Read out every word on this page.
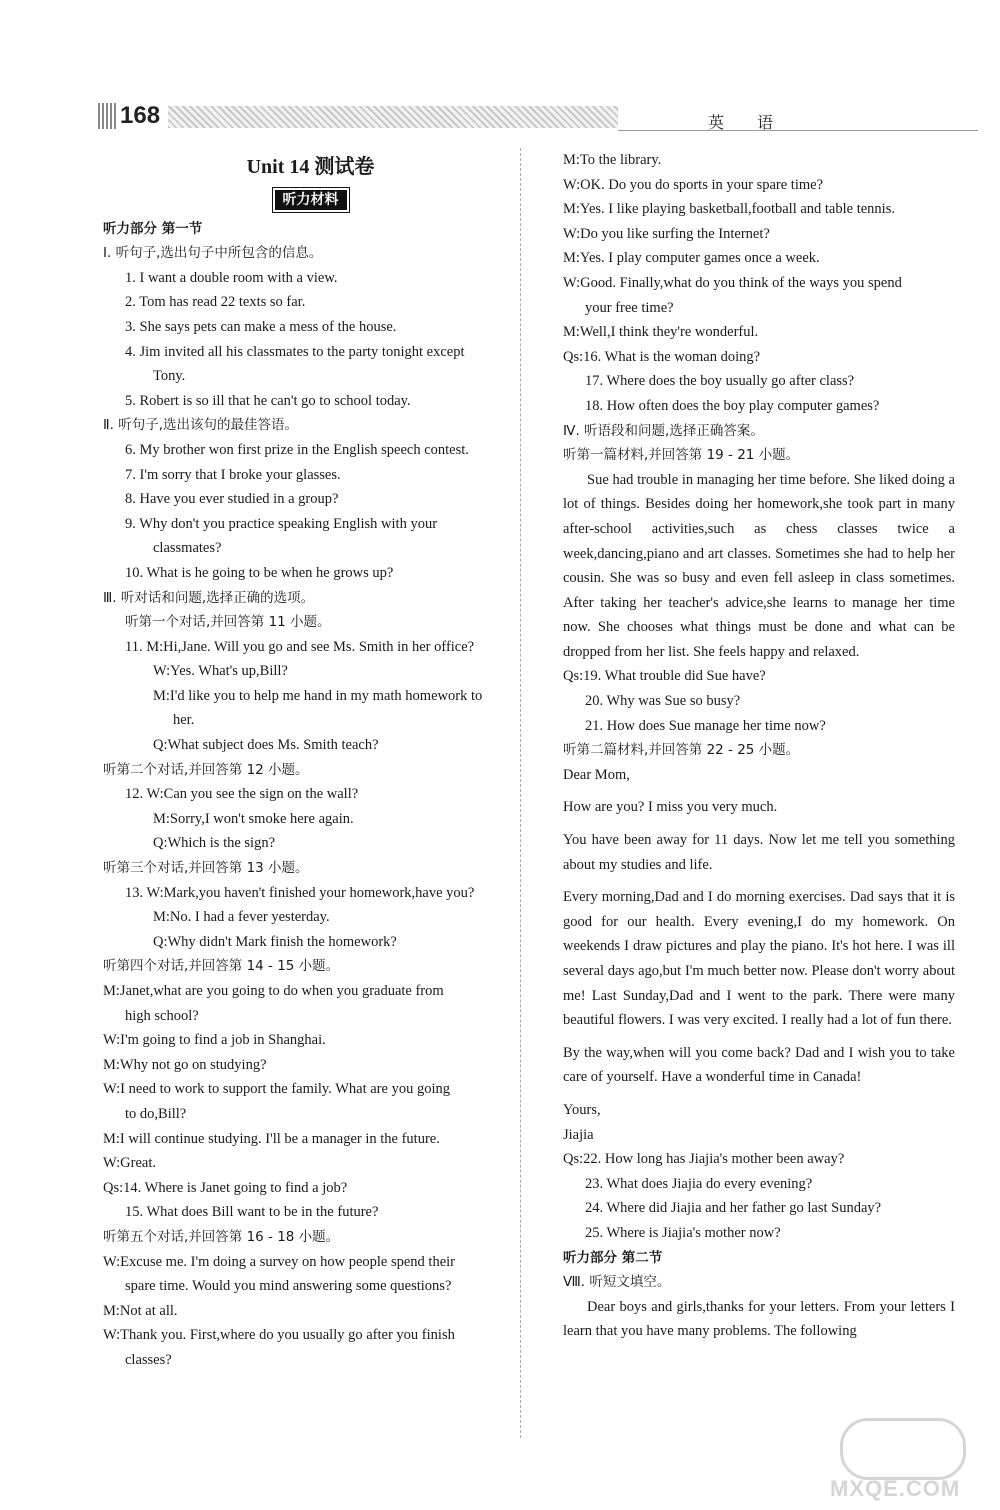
168	英 语
Unit 14 测试卷
听力材料
听力部分 第一节
Ⅰ. 听句子,选出句子中所包含的信息。
1. I want a double room with a view.
2. Tom has read 22 texts so far.
3. She says pets can make a mess of the house.
4. Jim invited all his classmates to the party tonight except
Tony.
5. Robert is so ill that he can't go to school today.
Ⅱ. 听句子,选出该句的最佳答语。
6. My brother won first prize in the English speech contest.
7. I'm sorry that I broke your glasses.
8. Have you ever studied in a group?
9. Why don't you practice speaking English with your
classmates?
10. What is he going to be when he grows up?
Ⅲ. 听对话和问题,选择正确的选项。
听第一个对话,并回答第 11 小题。
11. M:Hi,Jane. Will you go and see Ms. Smith in her office?
W:Yes. What's up,Bill?
M:I'd like you to help me hand in my math homework to
her.
Q:What subject does Ms. Smith teach?
听第二个对话,并回答第 12 小题。
12. W:Can you see the sign on the wall?
M:Sorry,I won't smoke here again.
Q:Which is the sign?
听第三个对话,并回答第 13 小题。
13. W:Mark,you haven't finished your homework,have you?
M:No. I had a fever yesterday.
Q:Why didn't Mark finish the homework?
听第四个对话,并回答第 14 - 15 小题。
M:Janet,what are you going to do when you graduate from
high school?
W:I'm going to find a job in Shanghai.
M:Why not go on studying?
W:I need to work to support the family. What are you going
to do,Bill?
M:I will continue studying. I'll be a manager in the future.
W:Great.
Qs:14. Where is Janet going to find a job?
15. What does Bill want to be in the future?
听第五个对话,并回答第 16 - 18 小题。
W:Excuse me. I'm doing a survey on how people spend their
spare time. Would you mind answering some questions?
M:Not at all.
W:Thank you. First,where do you usually go after you finish
classes?
M:To the library.
W:OK. Do you do sports in your spare time?
M:Yes. I like playing basketball,football and table tennis.
W:Do you like surfing the Internet?
M:Yes. I play computer games once a week.
W:Good. Finally,what do you think of the ways you spend
your free time?
M:Well,I think they're wonderful.
Qs:16. What is the woman doing?
17. Where does the boy usually go after class?
18. How often does the boy play computer games?
Ⅳ. 听语段和问题,选择正确答案。
听第一篇材料,并回答第 19 - 21 小题。
Sue had trouble in managing her time before. She liked doing a lot of things. Besides doing her homework,she took part in many after-school activities,such as chess classes twice a week,dancing,piano and art classes. Sometimes she had to help her cousin. She was so busy and even fell asleep in class sometimes. After taking her teacher's advice,she learns to manage her time now. She chooses what things must be done and what can be dropped from her list. She feels happy and relaxed.
Qs:19. What trouble did Sue have?
20. Why was Sue so busy?
21. How does Sue manage her time now?
听第二篇材料,并回答第 22 - 25 小题。
Dear Mom,
How are you? I miss you very much.
You have been away for 11 days. Now let me tell you something about my studies and life.
Every morning,Dad and I do morning exercises. Dad says that it is good for our health. Every evening,I do my homework. On weekends I draw pictures and play the piano. It's hot here. I was ill several days ago,but I'm much better now. Please don't worry about me! Last Sunday,Dad and I went to the park. There were many beautiful flowers. I was very excited. I really had a lot of fun there.
By the way,when will you come back? Dad and I wish you to take care of yourself. Have a wonderful time in Canada!
Yours,
Jiajia
Qs:22. How long has Jiajia's mother been away?
23. What does Jiajia do every evening?
24. Where did Jiajia and her father go last Sunday?
25. Where is Jiajia's mother now?
听力部分 第二节
Ⅷ. 听短文填空。
Dear boys and girls,thanks for your letters. From your letters I learn that you have many problems. The following
MXQE.COM
